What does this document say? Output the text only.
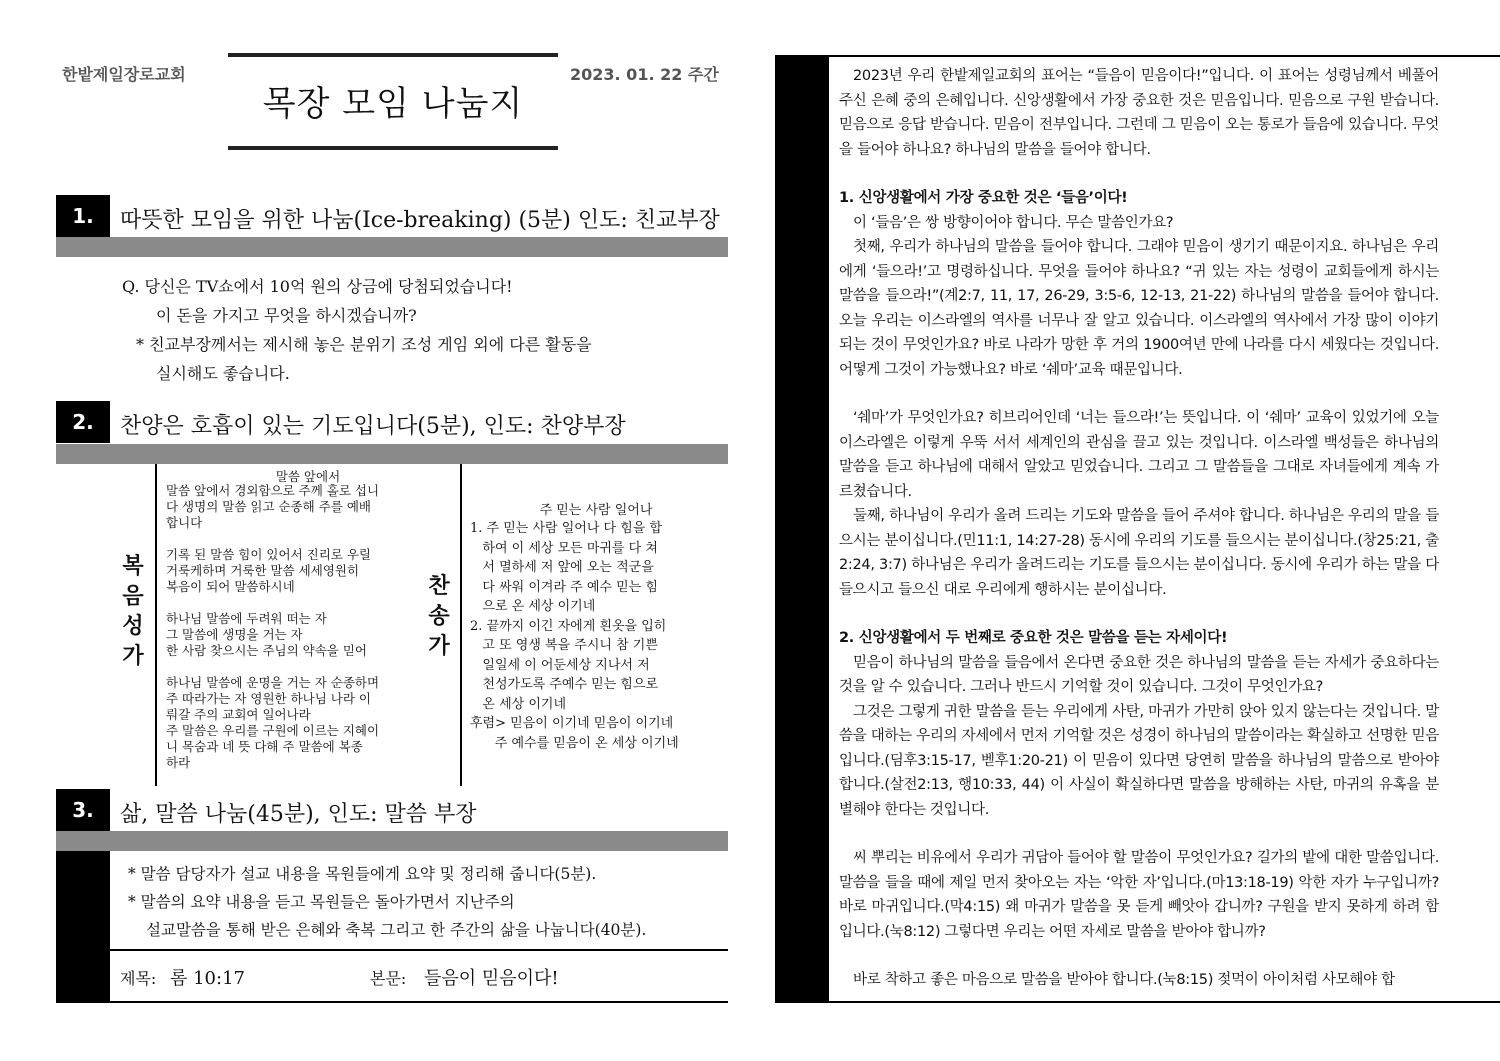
한밭제일장로교회	2023. 01. 22 주간
목장 모임 나눔지
1.	따뜻한 모임을 위한 나눔(Ice-breaking) (5분) 인도: 친교부장
Q. 당신은 TV쇼에서 10억 원의 상금에 당첨되었습니다!
이 돈을 가지고 무엇을 하시겠습니까?
* 친교부장께서는 제시해 놓은 분위기 조성 게임 외에 다른 활동을
실시해도 좋습니다.
2.	찬양은 호흡이 있는 기도입니다(5분), 인도: 찬양부장
복
음
성
가
말씀 앞에서
말씀 앞에서 경외함으로 주께 홀로 섭니
다 생명의 말씀 읽고 순종해 주를 예배
합니다

기록 된 말씀 힘이 있어서 진리로 우릴
거룩케하며 거룩한 말씀 세세영원히
복음이 되어 말씀하시네

하나님 말씀에 두려워 떠는 자
그 말씀에 생명을 거는 자
한 사람 찾으시는 주님의 약속을 믿어

하나님 말씀에 운명을 거는 자 순종하며
주 따라가는 자 영원한 하나님 나라 이
뤄갈 주의 교회여 일어나라
주 말씀은 우리를 구원에 이르는 지혜이
니 목숨과 네 뜻 다해 주 말씀에 복종
하라
찬
송
가
주 믿는 사람 일어나
1. 주 믿는 사람 일어나 다 힘을 합
하여 이 세상 모든 마귀를 다 쳐
서 멸하세 저 앞에 오는 적군을
다 싸워 이겨라 주 예수 믿는 힘
으로 온 세상 이기네
2. 끝까지 이긴 자에게 흰옷을 입히
고 또 영생 복을 주시니 참 기쁜
일일세 이 어둔세상 지나서 저
천성가도록 주예수 믿는 힘으로
온 세상 이기네
후렴> 믿음이 이기네 믿음이 이기네
주 예수를 믿음이 온 세상 이기네
3.	삶, 말씀 나눔(45분), 인도: 말씀 부장
* 말씀 담당자가 설교 내용을 목원들에게 요약 및 정리해 줍니다(5분).
* 말씀의 요약 내용을 듣고 목원들은 돌아가면서 지난주의
설교말씀을 통해 받은 은혜와 축복 그리고 한 주간의 삶을 나눕니다(40분).
제목: 롬 10:17	본문: 들음이 믿음이다!

2023년 우리 한밭제일교회의 표어는 “들음이 믿음이다!”입니다. 이 표어는 성령님께서 베풀어 주신 은혜 중의 은혜입니다. 신앙생활에서 가장 중요한 것은 믿음입니다. 믿음으로 구원 받습니다. 믿음으로 응답 받습니다. 믿음이 전부입니다. 그런데 그 믿음이 오는 통로가 들음에 있습니다. 무엇을 들어야 하나요? 하나님의 말씀을 들어야 합니다.

1. 신앙생활에서 가장 중요한 것은 ‘들음’이다!

이 ‘들음’은 쌍 방향이어야 합니다. 무슨 말씀인가요?

첫째, 우리가 하나님의 말씀을 들어야 합니다. 그래야 믿음이 생기기 때문이지요. 하나님은 우리에게 ‘들으라!’고 명령하십니다. 무엇을 들어야 하나요? “귀 있는 자는 성령이 교회들에게 하시는 말씀을 들으라!”(계2:7, 11, 17, 26-29, 3:5-6, 12-13, 21-22) 하나님의 말씀을 들어야 합니다. 오늘 우리는 이스라엘의 역사를 너무나 잘 알고 있습니다. 이스라엘의 역사에서 가장 많이 이야기되는 것이 무엇인가요? 바로 나라가 망한 후 거의 1900여년 만에 나라를 다시 세웠다는 것입니다. 어떻게 그것이 가능했나요? 바로 ‘쉐마’교육 때문입니다.

‘쉐마’가 무엇인가요? 히브리어인데 ‘너는 들으라!’는 뜻입니다. 이 ‘쉐마’ 교육이 있었기에 오늘 이스라엘은 이렇게 우뚝 서서 세계인의 관심을 끌고 있는 것입니다. 이스라엘 백성들은 하나님의 말씀을 듣고 하나님에 대해서 알았고 믿었습니다. 그리고 그 말씀들을 그대로 자녀들에게 계속 가르쳤습니다.

둘째, 하나님이 우리가 올려 드리는 기도와 말씀을 들어 주셔야 합니다. 하나님은 우리의 말을 들으시는 분이십니다.(민11:1, 14:27-28) 동시에 우리의 기도를 들으시는 분이십니다.(창25:21, 출2:24, 3:7) 하나님은 우리가 올려드리는 기도를 들으시는 분이십니다. 동시에 우리가 하는 말을 다 들으시고 들으신 대로 우리에게 행하시는 분이십니다.

2. 신앙생활에서 두 번째로 중요한 것은 말씀을 듣는 자세이다!

믿음이 하나님의 말씀을 들음에서 온다면 중요한 것은 하나님의 말씀을 듣는 자세가 중요하다는 것을 알 수 있습니다. 그러나 반드시 기억할 것이 있습니다. 그것이 무엇인가요?

그것은 그렇게 귀한 말씀을 듣는 우리에게 사탄, 마귀가 가만히 앉아 있지 않는다는 것입니다. 말씀을 대하는 우리의 자세에서 먼저 기억할 것은 성경이 하나님의 말씀이라는 확실하고 선명한 믿음입니다.(딤후3:15-17, 벧후1:20-21) 이 믿음이 있다면 당연히 말씀을 하나님의 말씀으로 받아야 합니다.(살전2:13, 행10:33, 44) 이 사실이 확실하다면 말씀을 방해하는 사탄, 마귀의 유혹을 분별해야 한다는 것입니다.

씨 뿌리는 비유에서 우리가 귀담아 들어야 할 말씀이 무엇인가요? 길가의 밭에 대한 말씀입니다. 말씀을 들을 때에 제일 먼저 찾아오는 자는 ‘악한 자’입니다.(마13:18-19) 악한 자가 누구입니까? 바로 마귀입니다.(막4:15) 왜 마귀가 말씀을 못 듣게 빼앗아 갑니까? 구원을 받지 못하게 하려 함입니다.(눅8:12) 그렇다면 우리는 어떤 자세로 말씀을 받아야 합니까?

바로 착하고 좋은 마음으로 말씀을 받아야 합니다.(눅8:15) 젖먹이 아이처럼 사모해야 합
